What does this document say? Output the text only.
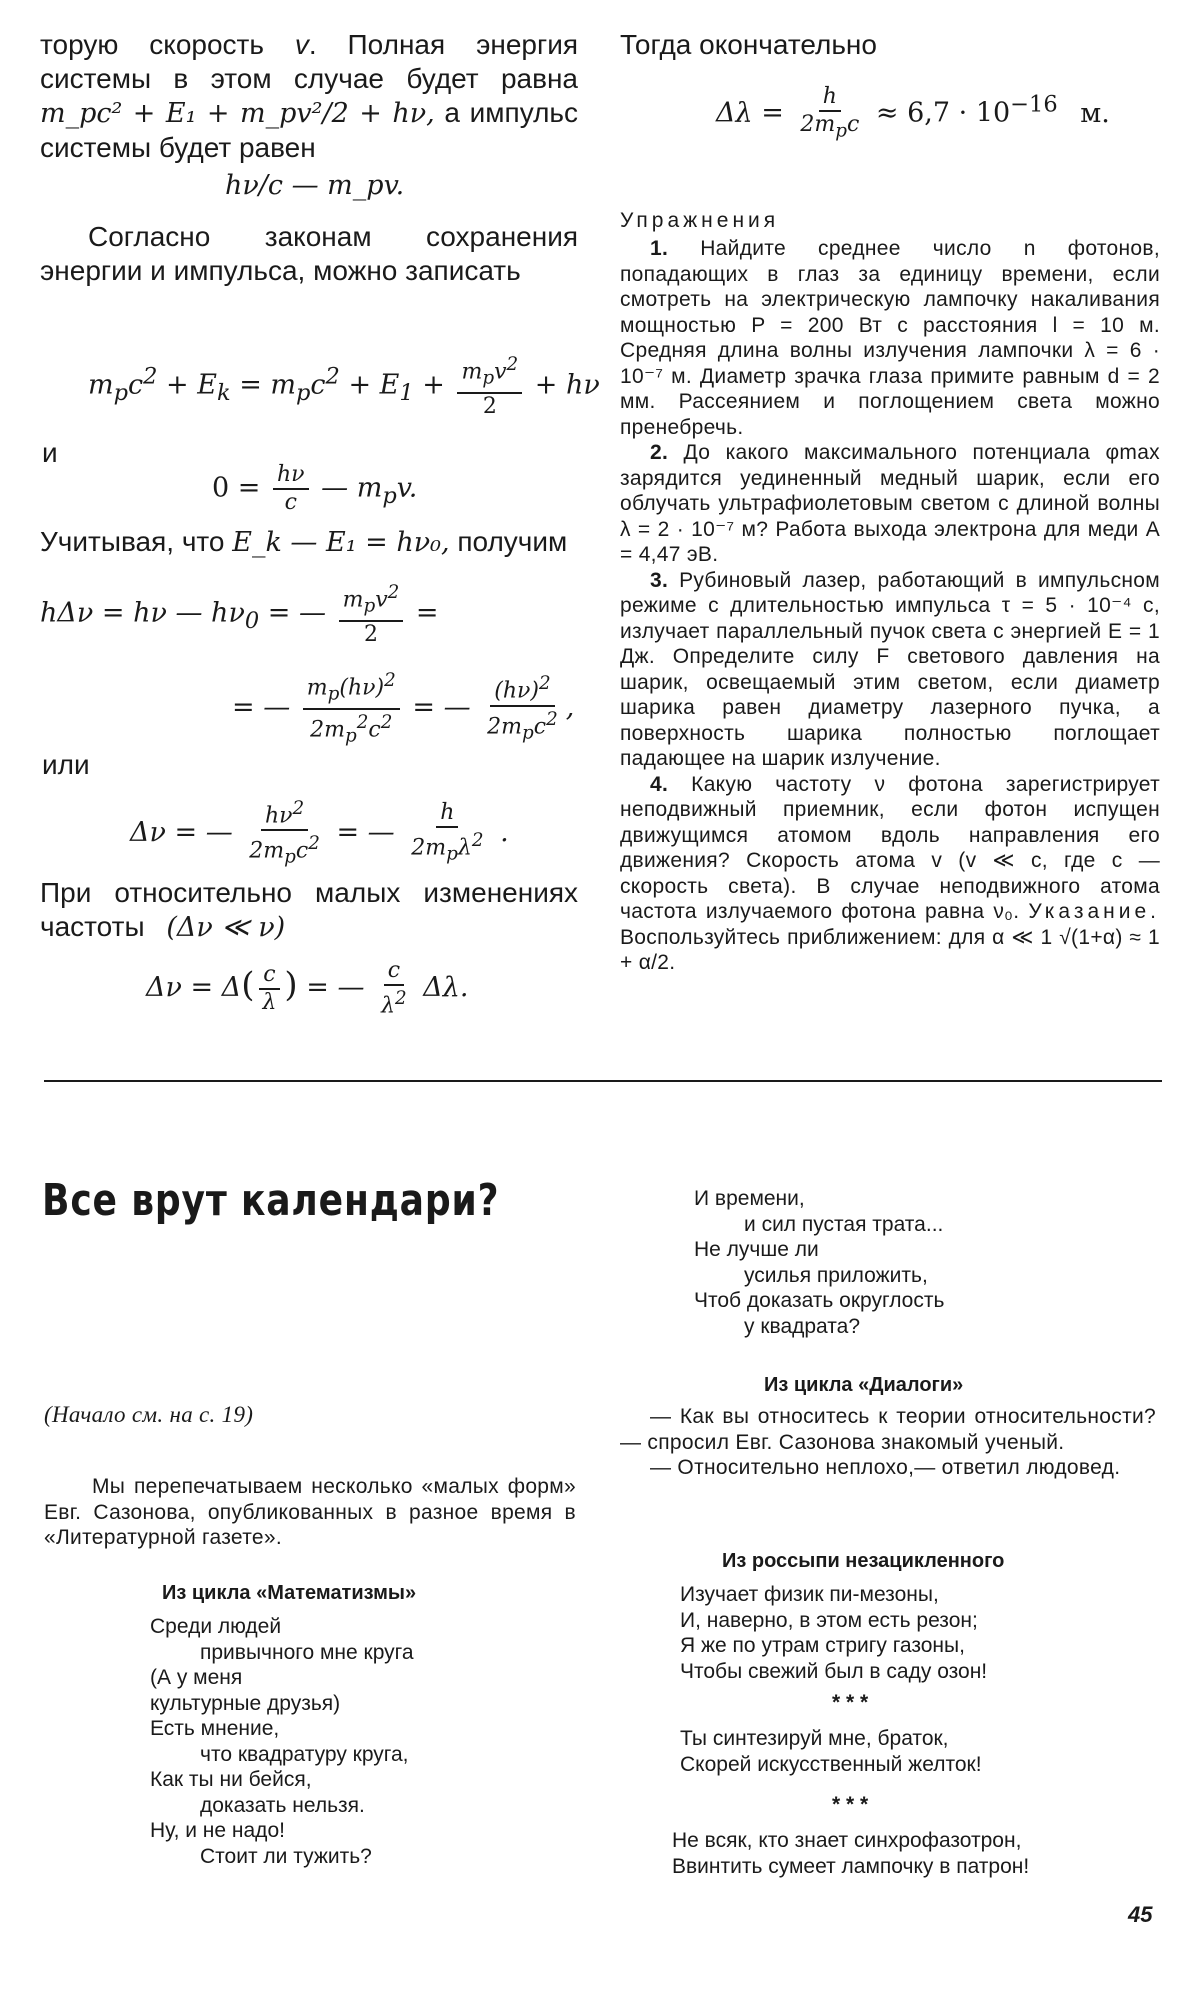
торую скорость v. Полная энергия системы в этом случае будет равна m_pc² + E₁ + m_pv²/2 + hν, а импульс системы будет равен

hν/c — m_pv.

Согласно законам сохранения энергии и импульса, можно записать

$m_pc^2 + E_k = m_pc^2 + E_1 + \frac{m_pv^2}{2} + h\nu$
и
$0 = \frac{h\nu}{c}$ — $m_pv$.
Учитывая, что E_k — E₁ = hν₀, получим
hΔν = hν — $h\nu_0$ = — $\frac{m_pv^2}{2}$ =
= — $\frac{m_p(h\nu)^2}{2m_p^2c^2}$ = — $\frac{(h\nu)^2}{2m_pc^2}$ ,
или
Δν = — $\frac{h\nu^2}{2m_pc^2}$ = — $\frac{h}{2m_p\lambda^2}$ .

При относительно малых изменениях частоты (Δν ≪ ν)

$\Delta\nu = \Delta( \frac{c}{\lambda}$ ) = — $\frac{c}{\lambda^2} \Delta\lambda$.
Тогда окончательно
$\Delta\lambda = \frac{h}{2m_pc} \approx 6,7 \cdot 10^{-16}$ м.
Упражнения

1. Найдите среднее число n фотонов, попадающих в глаз за единицу времени, если смотреть на электрическую лампочку накаливания мощностью P = 200 Вт с расстояния l = 10 м. Средняя длина волны излучения лампочки λ = 6 · 10⁻⁷ м. Диаметр зрачка глаза примите равным d = 2 мм. Рассеянием и поглощением света можно пренебречь.

2. До какого максимального потенциала φmax зарядится уединенный медный шарик, если его облучать ультрафиолетовым светом с длиной волны λ = 2 · 10⁻⁷ м? Работа выхода электрона для меди A = 4,47 эВ.

3. Рубиновый лазер, работающий в импульсном режиме с длительностью импульса τ = 5 · 10⁻⁴ с, излучает параллельный пучок света с энергией E = 1 Дж. Определите силу F светового давления на шарик, освещаемый этим светом, если диаметр шарика равен диаметру лазерного пучка, а поверхность шарика полностью поглощает падающее на шарик излучение.

4. Какую частоту ν фотона зарегистрирует неподвижный приемник, если фотон испущен движущимся атомом вдоль направления его движения? Скорость атома v (v ≪ c, где c — скорость света). В случае неподвижного атома частота излучаемого фотона равна ν₀. Указание. Воспользуйтесь приближением: для α ≪ 1 √(1+α) ≈ 1 + α/2.

Все врут календари?
(Начало см. на с. 19)

Мы перепечатываем несколько «малых форм» Евг. Сазонова, опубликованных в разное время в «Литературной газете».

Из цикла «Математизмы»
Среди людей
привычного мне круга
(А у меня
культурные друзья)
Есть мнение,
что квадратуру круга,
Как ты ни бейся,
доказать нельзя.
Ну, и не надо!
Стоит ли тужить?
И времени,
и сил пустая трата...
Не лучше ли
усилья приложить,
Чтоб доказать округлость
у квадрата?
Из цикла «Диалоги»

— Как вы относитесь к теории относительности? — спросил Евг. Сазонова знакомый ученый.

— Относительно неплохо,— ответил людовед.

Из россыпи незацикленного
Изучает физик пи-мезоны,
И, наверно, в этом есть резон;
Я же по утрам стригу газоны,
Чтобы свежий был в саду озон!
* * *
Ты синтезируй мне, браток,
Скорей искусственный желток!
* * *
Не всяк, кто знает синхрофазотрон,
Ввинтить сумеет лампочку в патрон!
45
